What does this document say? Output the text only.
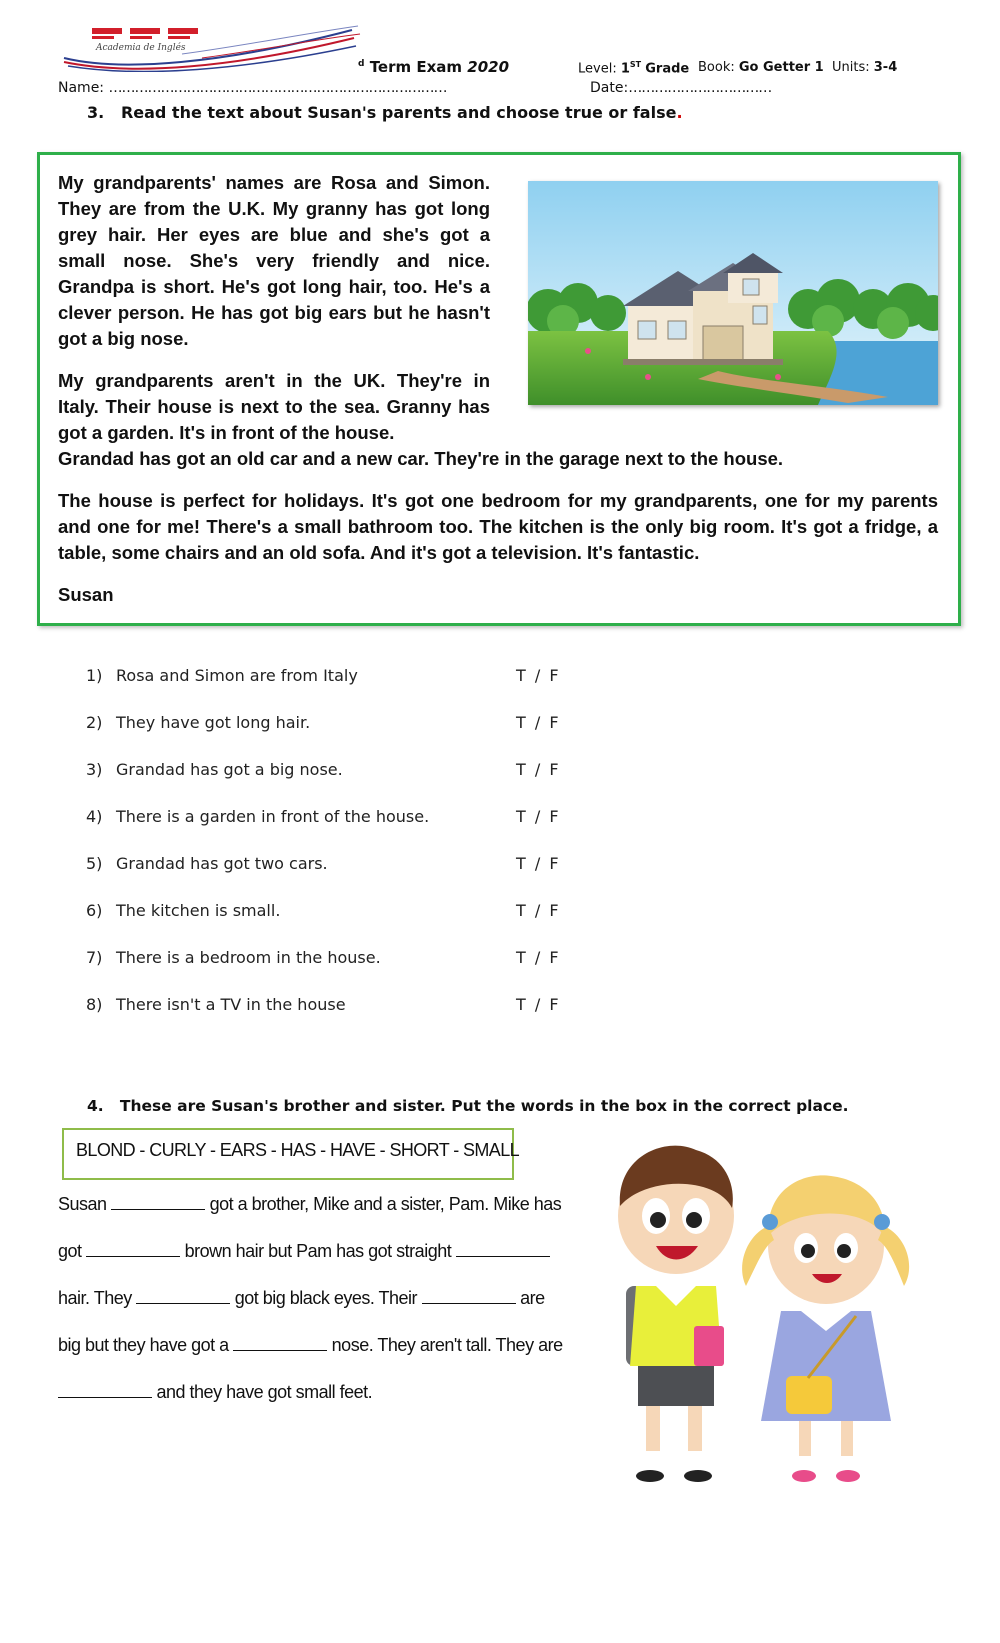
Academia de Inglés
$^d$ Term Exam 2020	Level: 1ST Grade Book: Go Getter 1 Units: 3-4
Name: ……………………………………………………………………	Date:……………………………
3. Read the text about Susan's parents and choose true or false.
My grandparents' names are Rosa and Simon. They are from the U.K. My granny has got long grey hair. Her eyes are blue and she's got a small nose. She's very friendly and nice. Grandpa is short. He's got long hair, too. He's a clever person. He has got big ears but he hasn't got a big nose.
My grandparents aren't in the UK. They're in Italy. Their house is next to the sea. Granny has got a garden. It's in front of the house.
Grandad has got an old car and a new car. They're in the garage next to the house.
The house is perfect for holidays. It's got one bedroom for my grandparents, one for my parents and one for me! There's a small bathroom too. The kitchen is the only big room. It's got a fridge, a table, some chairs and an old sofa. And it's got a television. It's fantastic.
Susan
1) Rosa and Simon are from Italy	T / F
2) They have got long hair.	T / F
3) Grandad has got a big nose.	T / F
4) There is a garden in front of the house.	T / F
5) Grandad has got two cars.	T / F
6) The kitchen is small.	T / F
7) There is a bedroom in the house.	T / F
8) There isn't a TV in the house	T / F
4. These are Susan's brother and sister. Put the words in the box in the correct place.
BLOND - CURLY - EARS - HAS - HAVE - SHORT - SMALL
Susan	got a brother, Mike and a sister, Pam. Mike has
got	brown hair but Pam has got straight
hair. They	got big black eyes. Their	are
big but they have got a	nose. They aren't tall. They are
and they have got small feet.
